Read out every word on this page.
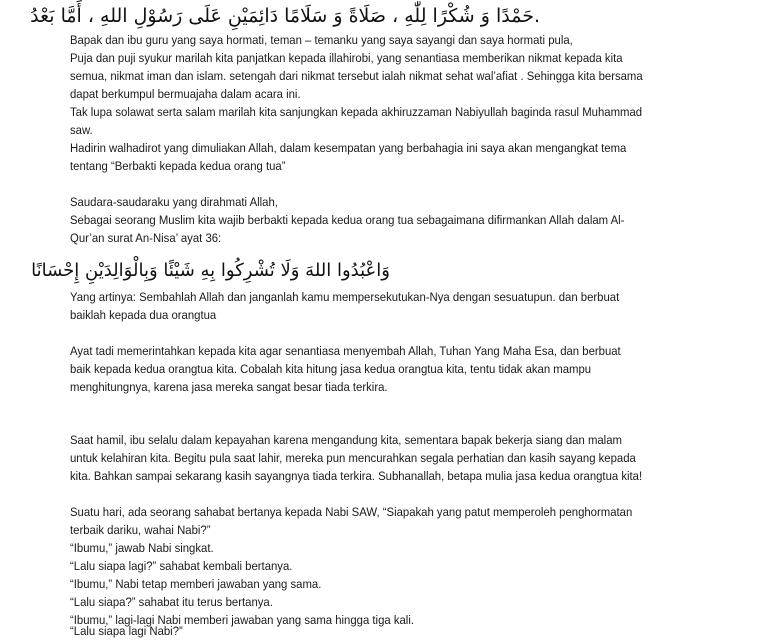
.حَمْدًا وَ شُكْرًا لِلّٰهِ ، صَلَاةً وَ سَلَامًا دَائِمَيْنِ عَلَى رَسُوْلِ اللهِ ، أَمَّا بَعْدُ
Bapak dan ibu guru yang saya hormati, teman – temanku yang saya sayangi dan saya hormati pula,
Puja dan puji syukur marilah kita panjatkan kepada illahirobi, yang senantiasa memberikan nikmat kepada kita
semua, nikmat iman dan islam. setengah dari nikmat tersebut ialah nikmat sehat wal’afiat . Sehingga kita bersama
dapat berkumpul bermuajaha dalam acara ini.
Tak lupa solawat serta salam marilah kita sanjungkan kepada akhiruzzaman Nabiyullah baginda rasul Muhammad
saw.
Hadirin walhadirot yang dimuliakan Allah, dalam kesempatan yang berbahagia ini saya akan mengangkat tema
tentang “Berbakti kepada kedua orang tua”
Saudara-saudaraku yang dirahmati Allah,
Sebagai seorang Muslim kita wajib berbakti kepada kedua orang tua sebagaimana difirmankan Allah dalam Al-
Qur’an surat An-Nisa’ ayat 36:
وَاعْبُدُوا اللهَ وَلَا تُشْرِكُوا بِهِ شَيْئًا وَبِالْوَالِدَيْنِ إِحْسَانًا
Yang artinya: Sembahlah Allah dan janganlah kamu mempersekutukan-Nya dengan sesuatupun. dan berbuat
baiklah kepada dua orangtua
Ayat tadi memerintahkan kepada kita agar senantiasa menyembah Allah, Tuhan Yang Maha Esa, dan berbuat
baik kepada kedua orangtua kita. Cobalah kita hitung jasa kedua orangtua kita, tentu tidak akan mampu
menghitungnya, karena jasa mereka sangat besar tiada terkira.
Saat hamil, ibu selalu dalam kepayahan karena mengandung kita, sementara bapak bekerja siang dan malam
untuk kelahiran kita. Begitu pula saat lahir, mereka pun mencurahkan segala perhatian dan kasih sayang kepada
kita. Bahkan sampai sekarang kasih sayangnya tiada terkira. Subhanallah, betapa mulia jasa kedua orangtua kita!
Suatu hari, ada seorang sahabat bertanya kepada Nabi SAW, “Siapakah yang patut memperoleh penghormatan
terbaik dariku, wahai Nabi?”
“Ibumu,” jawab Nabi singkat.
“Lalu siapa lagi?” sahabat kembali bertanya.
“Ibumu,” Nabi tetap memberi jawaban yang sama.
“Lalu siapa?” sahabat itu terus bertanya.
“Ibumu,” lagi-lagi Nabi memberi jawaban yang sama hingga tiga kali.
“Lalu siapa lagi Nabi?”
